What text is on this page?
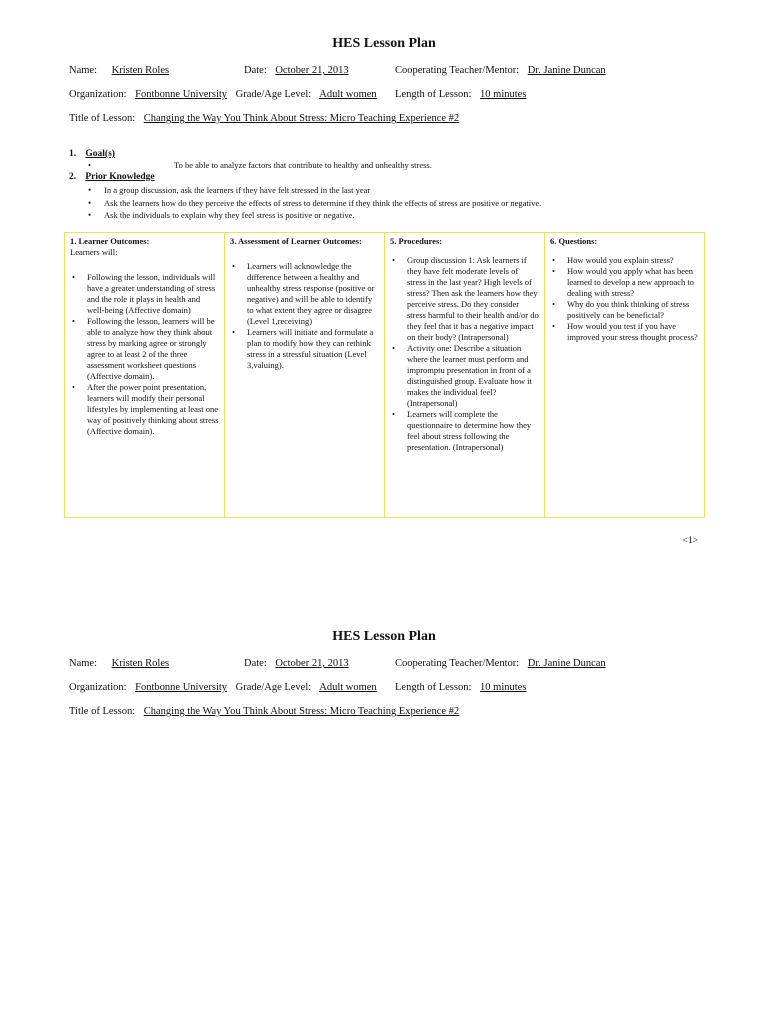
HES Lesson Plan
Name: Kristen Roles	Date: October 21, 2013	Cooperating Teacher/Mentor: Dr. Janine Duncan
Organization: Fontbonne University Grade/Age Level: Adult women Length of Lesson: 10 minutes
Title of Lesson: Changing the Way You Think About Stress: Micro Teaching Experience #2
1. Goal(s)
•	To be able to analyze factors that contribute to healthy and unhealthy stress.
2. Prior Knowledge
• In a group discussion, ask the learners if they have felt stressed in the last year
• Ask the learners how do they perceive the effects of stress to determine if they think the effects of stress are positive or negative.
• Ask the individuals to explain why they feel stress is positive or negative.
1. Learner Outcomes:
Learners will:
• Following the lesson, individuals will have a greater understanding of stress and the role it plays in health and well-being (Affective domain)
• Following the lesson, learners will be able to analyze how they think about stress by marking agree or strongly agree to at least 2 of the three assessment worksheet questions (Affective domain).
• After the power point presentation, learners will modify their personal lifestyles by implementing at least one way of positively thinking about stress (Affective domain).

3. Assessment of Learner Outcomes:
• Learners will acknowledge the difference between a healthy and unhealthy stress response (positive or negative) and will be able to identify to what extent they agree or disagree (Level 1,receiving)
• Learners will initiate and formulate a plan to modify how they can rethink stress in a stressful situation (Level 3,valuing).

5. Procedures:
• Group discussion 1: Ask learners if they have felt moderate levels of stress in the last year? High levels of stress? Then ask the learners how they perceive stress. Do they consider stress harmful to their health and/or do they feel that it has a negative impact on their body? (Intrapersonal)
• Activity one: Describe a situation where the learner must perform and impromptu presentation in front of a distinguished group. Evaluate how it makes the individual feel? (Intrapersonal)
• Learners will complete the questionnaire to determine how they feel about stress following the presentation. (Intrapersonal)

6. Questions:
• How would you explain stress?
• How would you apply what has been learned to develop a new approach to dealing with stress?
• Why do you think thinking of stress positively can be beneficial?
• How would you test if you have improved your stress thought process?
<1>
HES Lesson Plan
Name: Kristen Roles	Date: October 21, 2013	Cooperating Teacher/Mentor: Dr. Janine Duncan
Organization: Fontbonne University Grade/Age Level: Adult women Length of Lesson: 10 minutes
Title of Lesson: Changing the Way You Think About Stress: Micro Teaching Experience #2
